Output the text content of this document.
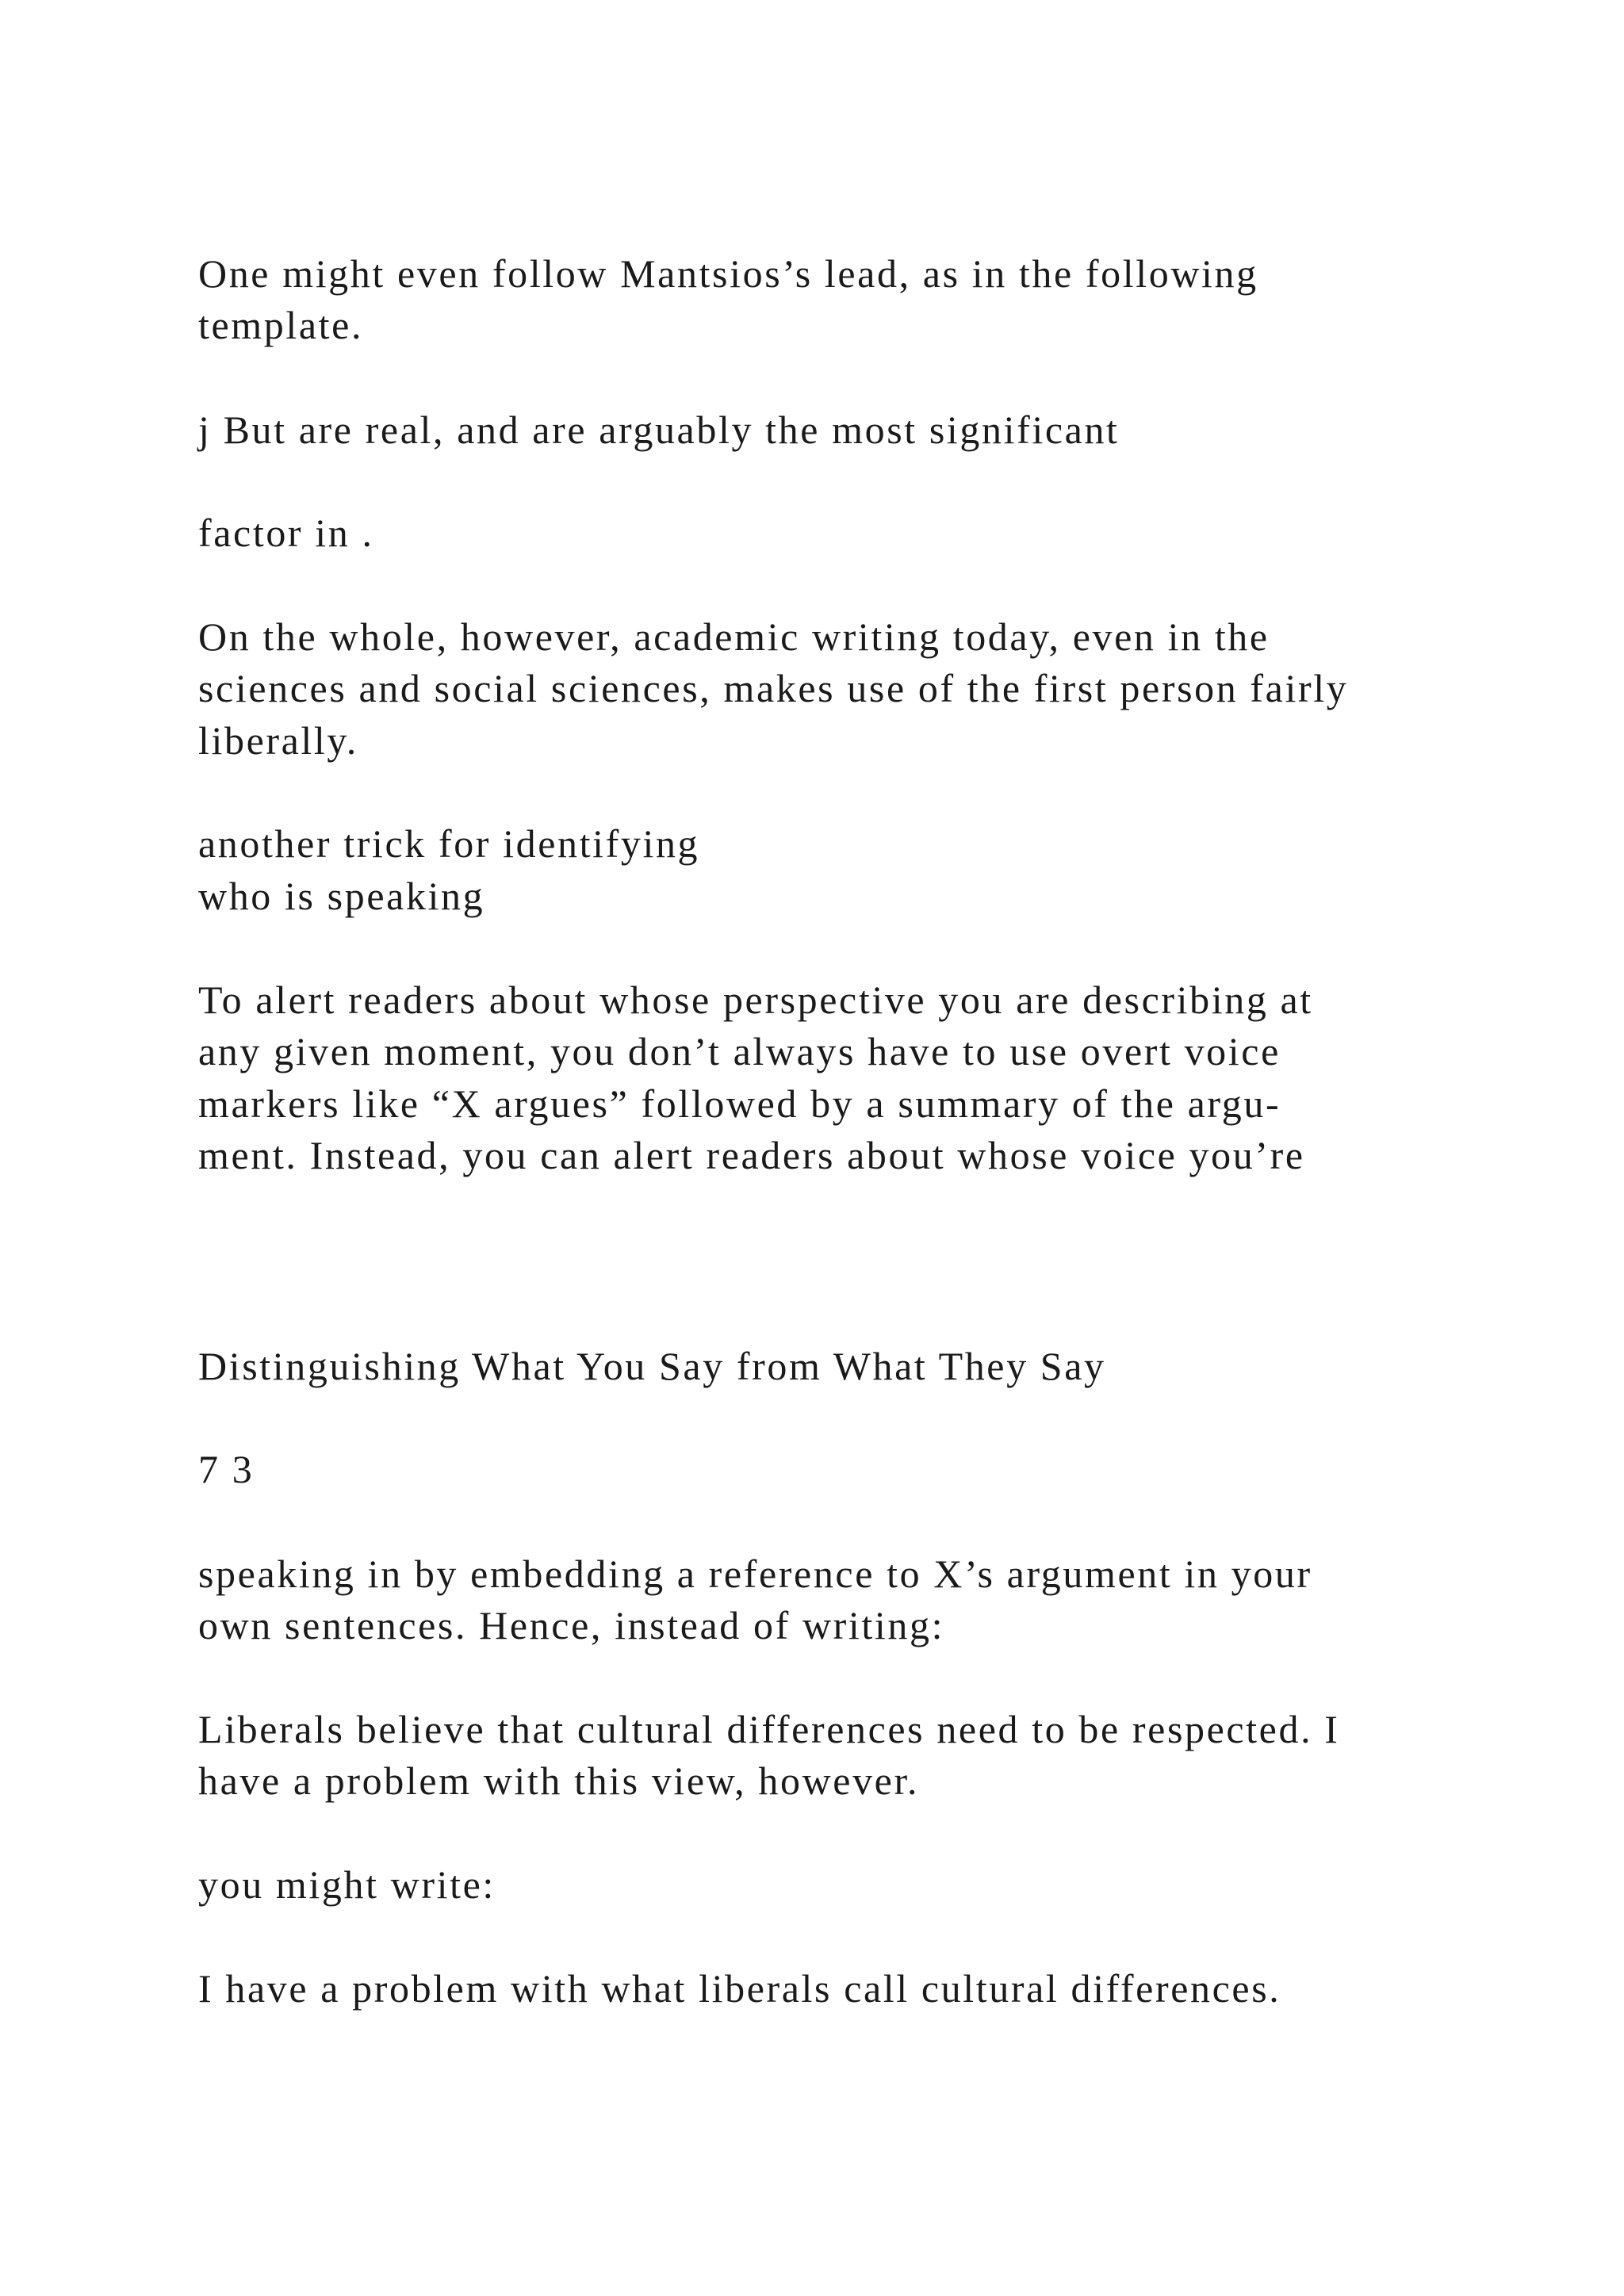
One might even follow Mantsios’s lead, as in the following
template.
j But are real, and are arguably the most significant
factor in .
On the whole, however, academic writing today, even in the
sciences and social sciences, makes use of the first person fairly
liberally.
another trick for identifying
who is speaking
To alert readers about whose perspective you are describing at
any given moment, you don’t always have to use overt voice
markers like “X argues” followed by a summary of the argu-
ment. Instead, you can alert readers about whose voice you’re
Distinguishing What You Say from What They Say
7 3
speaking in by embedding a reference to X’s argument in your
own sentences. Hence, instead of writing:
Liberals believe that cultural differences need to be respected. I
have a problem with this view, however.
you might write:
I have a problem with what liberals call cultural differences.
